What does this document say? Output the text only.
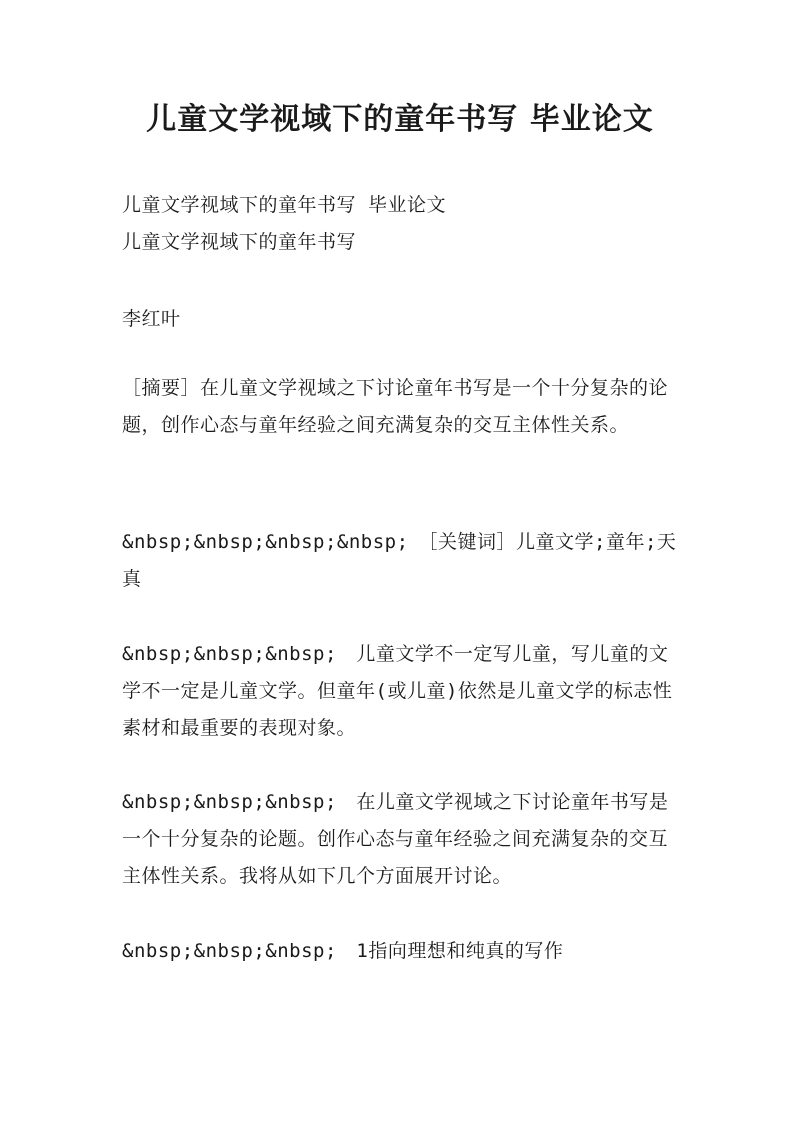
儿童文学视域下的童年书写 毕业论文

儿童文学视域下的童年书写 毕业论文

儿童文学视域下的童年书写

李红叶

［摘要］在儿童文学视域之下讨论童年书写是一个十分复杂的论题，创作心态与童年经验之间充满复杂的交互主体性关系。

&nbsp;&nbsp;&nbsp;&nbsp;　［关键词］儿童文学;童年;天真

&nbsp;&nbsp;&nbsp;　儿童文学不一定写儿童，写儿童的文学不一定是儿童文学。但童年(或儿童)依然是儿童文学的标志性素材和最重要的表现对象。

&nbsp;&nbsp;&nbsp;　在儿童文学视域之下讨论童年书写是一个十分复杂的论题。创作心态与童年经验之间充满复杂的交互主体性关系。我将从如下几个方面展开讨论。

&nbsp;&nbsp;&nbsp;　1指向理想和纯真的写作
